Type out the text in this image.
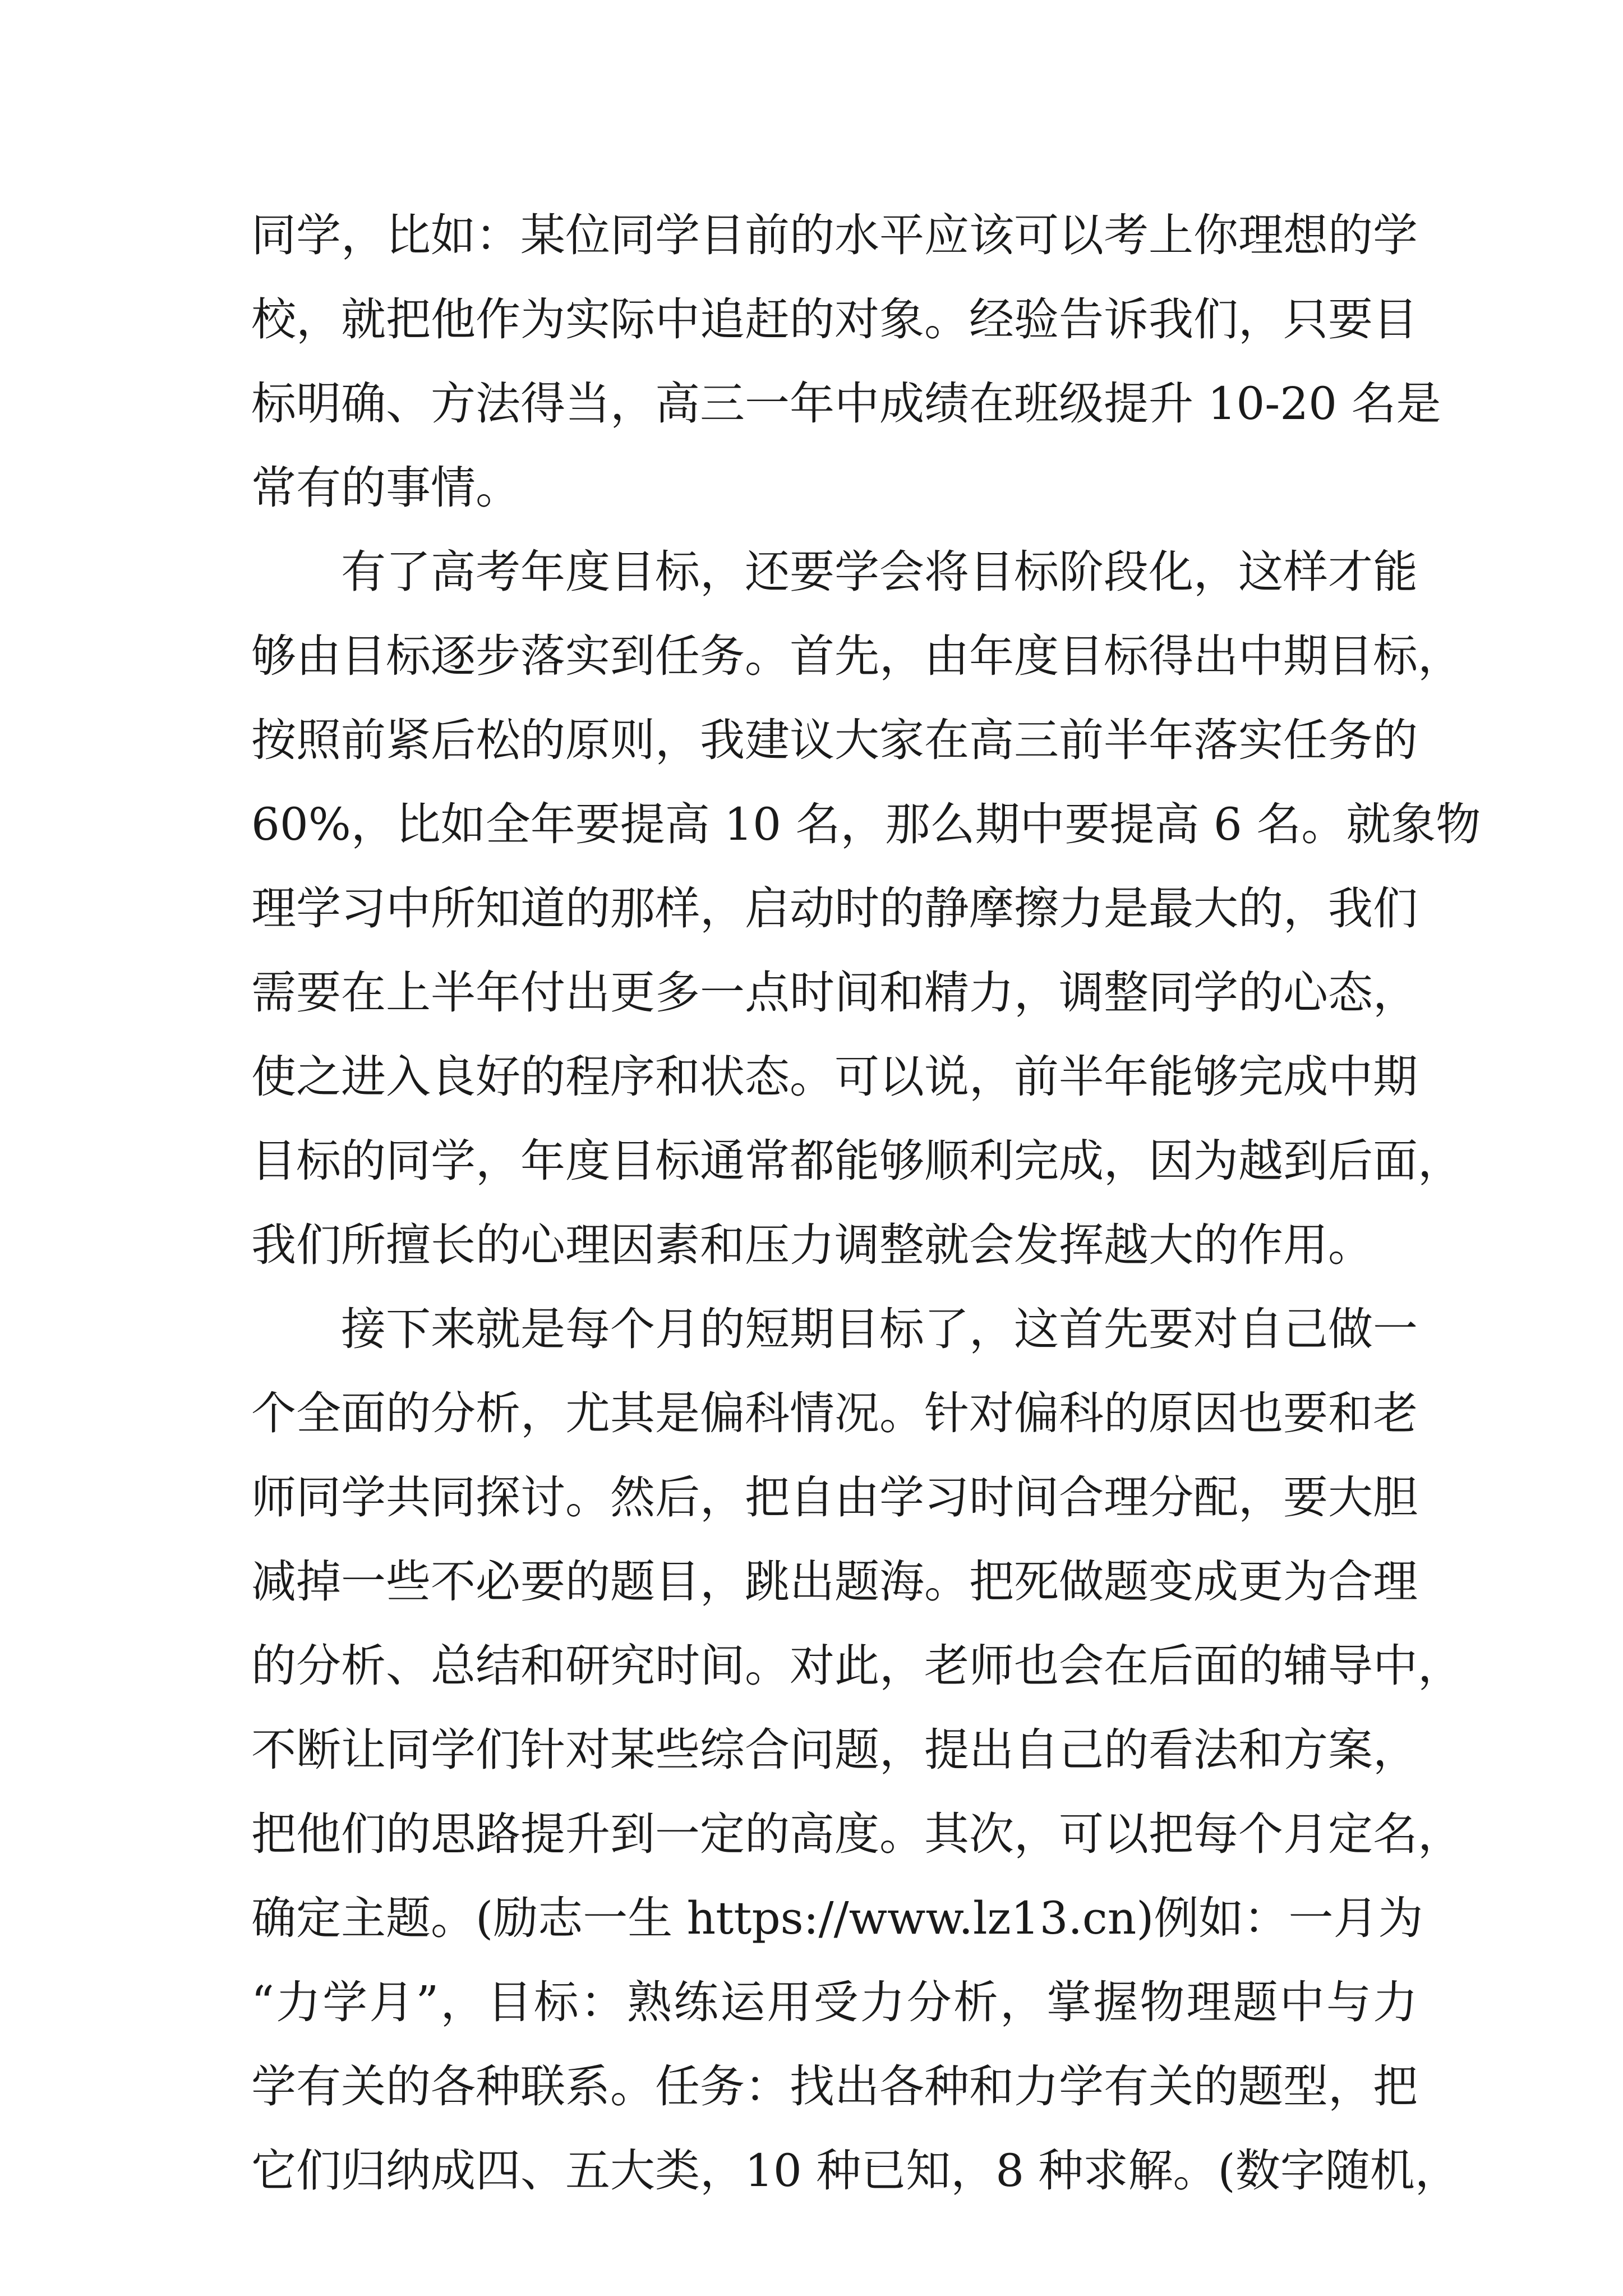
同学，比如：某位同学目前的水平应该可以考上你理想的学
校，就把他作为实际中追赶的对象。经验告诉我们，只要目
标明确、方法得当，高三一年中成绩在班级提升 10-20 名是
常有的事情。
有了高考年度目标，还要学会将目标阶段化，这样才能
够由目标逐步落实到任务。首先，由年度目标得出中期目标，
按照前紧后松的原则，我建议大家在高三前半年落实任务的
60%，比如全年要提高 10 名，那么期中要提高 6 名。就象物
理学习中所知道的那样，启动时的静摩擦力是最大的，我们
需要在上半年付出更多一点时间和精力，调整同学的心态，
使之进入良好的程序和状态。可以说，前半年能够完成中期
目标的同学，年度目标通常都能够顺利完成，因为越到后面，
我们所擅长的心理因素和压力调整就会发挥越大的作用。
接下来就是每个月的短期目标了，这首先要对自己做一
个全面的分析，尤其是偏科情况。针对偏科的原因也要和老
师同学共同探讨。然后，把自由学习时间合理分配，要大胆
减掉一些不必要的题目，跳出题海。把死做题变成更为合理
的分析、总结和研究时间。对此，老师也会在后面的辅导中，
不断让同学们针对某些综合问题，提出自己的看法和方案，
把他们的思路提升到一定的高度。其次，可以把每个月定名，
确定主题。(励志一生 https://www.lz13.cn)例如：一月为
“力学月”，目标：熟练运用受力分析，掌握物理题中与力
学有关的各种联系。任务：找出各种和力学有关的题型，把
它们归纳成四、五大类，10 种已知，8 种求解。(数字随机，
